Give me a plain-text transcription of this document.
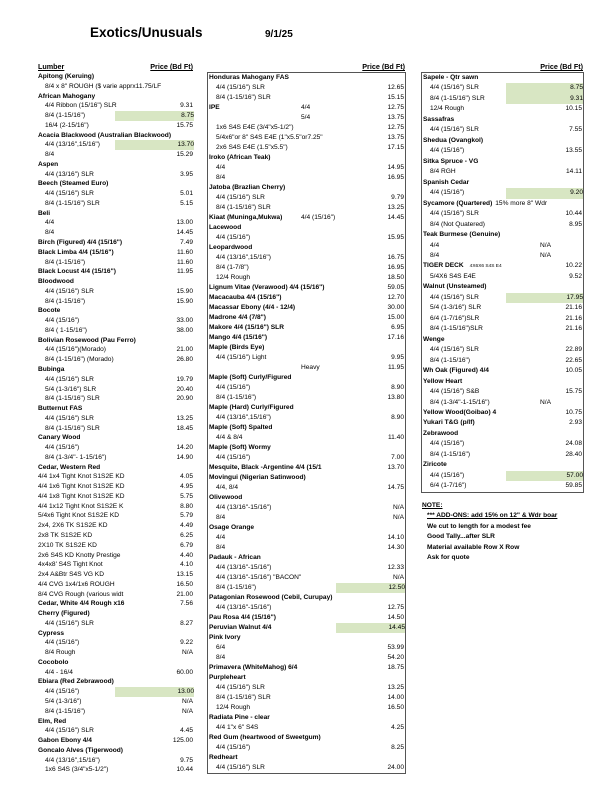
Exotics/Unusuals	9/1/25
Lumber	Price (Bd Ft)
Apitong (Keruing)
8/4 x 8" ROUGH ($ varie apprx11.75/LF
African Mahogany
4/4 Ribbon (15/16") SLR	9.31
8/4 (1-15/16")	8.75
16/4 (2-15/16")	15.75
Acacia Blackwood (Australian Blackwood)
4/4 (13/16",15/16")	13.70
8/4	15.29
Aspen
4/4 (13/16") SLR	3.95
Beech (Steamed Euro)
4/4 (15/16") SLR	5.01
8/4 (1-15/16") SLR	5.15
Beli
4/4	13.00
8/4	14.45
Birch (Figured) 4/4 (15/16")	7.49
Black Limba 4/4 (15/16")	11.60
8/4 (1-15/16")	11.60
Black Locust 4/4 (15/16")	11.95
Bloodwood
4/4 (15/16") SLR	15.90
8/4 (1-15/16")	15.90
Bocote
4/4 (15/16")	33.00
8/4 ( 1-15/16")	38.00
Bolivian Rosewood (Pau Ferro)
4/4 (15/16")(Morado)	21.00
8/4 (1-15/16") (Morado)	26.80
Bubinga
4/4 (15/16") SLR	19.79
5/4 (1-3/16") SLR	20.40
8/4 (1-15/16") SLR	20.90
Butternut FAS
4/4 (15/16") SLR	13.25
8/4 (1-15/16") SLR	18.45
Canary Wood
4/4 (15/16")	14.20
8/4 (1-3/4"- 1-15/16")	14.90
Cedar, Western Red
4/4 1x4 Tight Knot S1S2E KD	4.05
4/4 1x6 Tight Knot S1S2E KD	4.95
4/4 1x8 Tight Knot S1S2E KD	5.75
4/4 1x12 Tight Knot S1S2E K	8.80
5/4x6 Tight Knot S1S2E KD	5.79
2x4, 2X6 TK S1S2E KD	4.49
2x8 TK S1S2E KD	6.25
2X10 TK S1S2E KD	6.79
2x6 S4S KD Knotty Prestige	4.40
4x4x8' S4S Tight Knot	4.10
2x4 A&Btr S4S VG KD	13.15
4/4 CVG 1x4/1x6 ROUGH	16.50
8/4 CVG Rough (various widt	21.00
Cedar, White 4/4 Rough x16	7.56
Cherry (Figured)
4/4 (15/16") SLR	8.27
Cypress
4/4 (15/16")	9.22
8/4 Rough	N/A
Cocobolo
4/4 - 16/4	60.00
Ebiara (Red Zebrawood)
4/4 (15/16")	13.00
5/4 (1-3/16")	N/A
8/4 (1-15/16")	N/A
Elm, Red
4/4 (15/16") SLR	4.45
Gabon Ebony 4/4	125.00
Goncalo Alves (Tigerwood)
4/4 (13/16",15/16")	9.75
1x6 S4S (3/4"x5-1/2")	10.44
Price (Bd Ft)
Honduras Mahogany FAS
4/4 (15/16") SLR	12.65
8/4 (1-15/16") SLR	15.15
IPE	4/4	12.75
5/4	13.75
1x6 S4S E4E (3/4"x5-1/2")	12.75
5/4x6"or 8" S4S E4E (1"x5.5"or7.25"	13.75
2x6 S4S E4E (1.5"x5.5")	17.15
Iroko (African Teak)
4/4	14.95
8/4	16.95
Jatoba (Brazlian Cherry)
4/4 (15/16") SLR	9.79
8/4 (1-15/16") SLR	13.25
Kiaat (Muninga,Mukwa)	4/4 (15/16")	14.45
Lacewood
4/4 (15/16")	15.95
Leopardwood
4/4 (13/16",15/16")	16.75
8/4 (1-7/8")	16.95
12/4 Rough	18.50
Lignum Vitae (Verawood) 4/4 (15/16")	59.05
Macacauba 4/4 (15/16")	12.70
Macassar Ebony (4/4 - 12/4)	30.00
Madrone 4/4 (7/8")	15.00
Makore 4/4 (15/16") SLR	6.95
Mango 4/4 (15/16")	17.16
Maple (Birds Eye)
4/4 (15/16") Light	9.95
Heavy	11.95
Maple (Soft) Curly/Figured
4/4 (15/16")	8.90
8/4 (1-15/16")	13.80
Maple (Hard) Curly/Figured
4/4 (13/16",15/16")	8.90
Maple (Soft) Spalted
4/4 & 8/4	11.40
Maple (Soft) Wormy
4/4 (15/16")	7.00
Mesquite, Black -Argentine 4/4 (15/1	13.70
Movingui (Nigerian Satinwood)
4/4, 8/4	14.75
Olivewood
4/4 (13/16"-15/16")	N/A
8/4	N/A
Osage Orange
4/4	14.10
8/4	14.30
Padauk - African
4/4 (13/16"-15/16")	12.33
4/4 (13/16"-15/16") "BACON"	N/A
8/4 (1-15/16")	12.50
Patagonian Rosewood (Cebil, Curupay)
4/4 (13/16"-15/16")	12.75
Pau Rosa 4/4 (15/16")	14.50
Peruvian Walnut 4/4	14.45
Pink Ivory
6/4	53.99
8/4	54.20
Primavera (WhiteMahog) 6/4	18.75
Purpleheart
4/4 (15/16") SLR	13.25
8/4 (1-15/16") SLR	14.00
12/4 Rough	16.50
Radiata Pine - clear
4/4 1"x 6" S4S	4.25
Red Gum (heartwood of Sweetgum)
4/4 (15/16")	8.25
Redheart
4/4 (15/16") SLR	24.00
Price (Bd Ft)
Sapele - Qtr sawn
4/4 (15/16") SLR	8.75
8/4 (1-15/16") SLR	9.31
12/4 Rough	10.15
Sassafras
4/4 (15/16") SLR	7.55
Shedua (Ovangkol)
4/4 (15/16")	13.55
Sitka Spruce - VG
8/4 RGH	14.11
Spanish Cedar
4/4 (15/16")	9.20
Sycamore (Quartered) 15% more 8" Wdr
4/4 (15/16") SLR	10.44
8/4 (Not Quatered)	8.95
Teak Burmese (Genuine)
4/4	N/A
8/4	N/A
TIGER DECK 4X6X6 S4S E4	10.22
5/4X6 S4S E4E	9.52
Walnut (Unsteamed)
4/4 (15/16") SLR	17.95
5/4 (1-3/16") SLR	21.16
6/4 (1-7/16")SLR	21.16
8/4 (1-15/16")SLR	21.16
Wenge
4/4 (15/16") SLR	22.89
8/4 (1-15/16")	22.65
Wh Oak (Figured) 4/4	10.05
Yellow Heart
4/4 (15/16") S&B	15.75
8/4 (1-3/4"-1-15/16")	N/A
Yellow Wood(Goibao) 4	10.75
Yukari T&G (p/lf)	2.93
Zebrawood
4/4 (15/16")	24.08
8/4 (1-15/16")	28.40
Ziricote
4/4 (15/16")	57.00
6/4 (1-7/16")	59.85
NOTE:
*** ADD-ONS: add 15% on 12" & Wdr boar
We cut to length for a modest fee
Good Tally...after SLR
Material available Row X Row
Ask for quote
